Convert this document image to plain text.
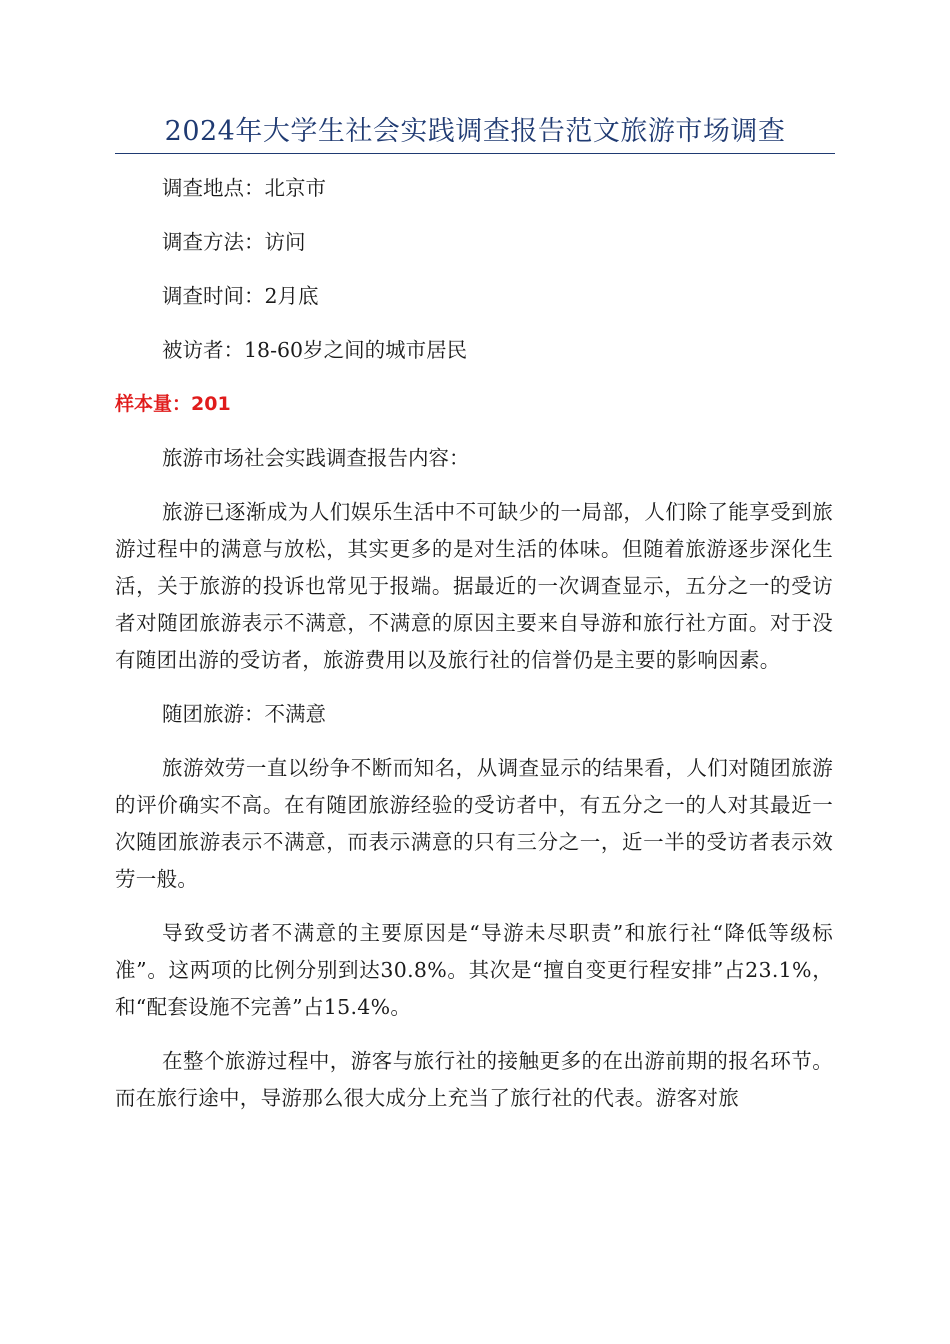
2024年大学生社会实践调查报告范文旅游市场调查
调查地点：北京市
调查方法：访问
调查时间：2月底
被访者：18-60岁之间的城市居民
样本量：201
旅游市场社会实践调查报告内容：

旅游已逐渐成为人们娱乐生活中不可缺少的一局部，人们除了能享受到旅游过程中的满意与放松，其实更多的是对生活的体味。但随着旅游逐步深化生活，关于旅游的投诉也常见于报端。据最近的一次调查显示，五分之一的受访者对随团旅游表示不满意，不满意的原因主要来自导游和旅行社方面。对于没有随团出游的受访者，旅游费用以及旅行社的信誉仍是主要的影响因素。

随团旅游：不满意

旅游效劳一直以纷争不断而知名，从调查显示的结果看，人们对随团旅游的评价确实不高。在有随团旅游经验的受访者中，有五分之一的人对其最近一次随团旅游表示不满意，而表示满意的只有三分之一，近一半的受访者表示效劳一般。

导致受访者不满意的主要原因是“导游未尽职责”和旅行社“降低等级标准”。这两项的比例分别到达30.8%。其次是“擅自变更行程安排”占23.1%，和“配套设施不完善”占15.4%。

在整个旅游过程中，游客与旅行社的接触更多的在出游前期的报名环节。而在旅行途中，导游那么很大成分上充当了旅行社的代表。游客对旅
